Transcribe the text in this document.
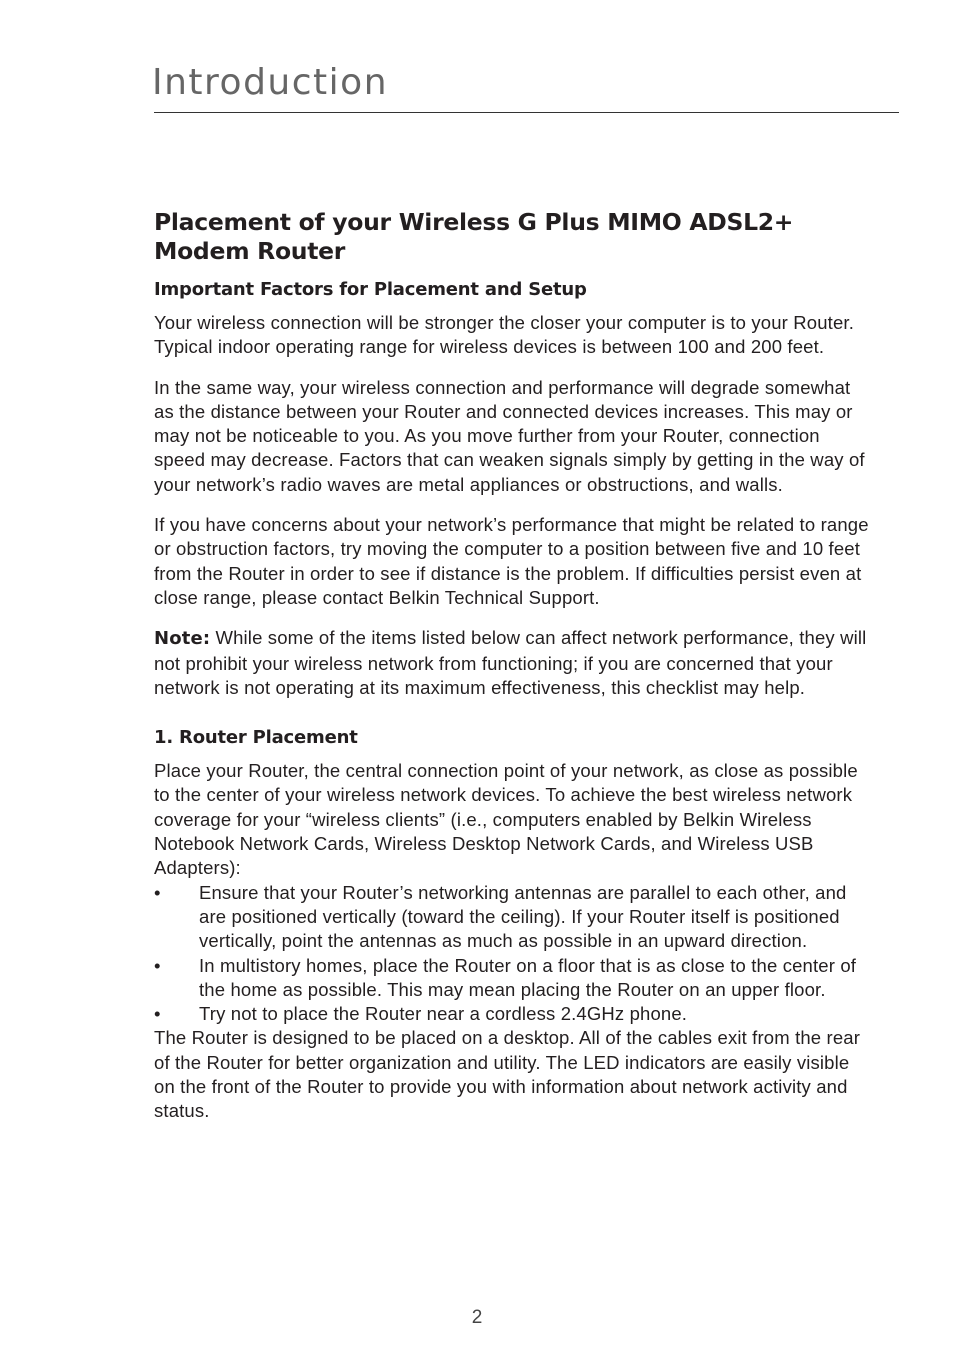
Introduction
Placement of your Wireless G Plus MIMO ADSL2+ Modem Router
Important Factors for Placement and Setup

Your wireless connection will be stronger the closer your computer is to your Router. Typical indoor operating range for wireless devices is between 100 and 200 feet.

In the same way, your wireless connection and performance will degrade somewhat as the distance between your Router and connected devices increases. This may or may not be noticeable to you. As you move further from your Router, connection speed may decrease. Factors that can weaken signals simply by getting in the way of your network’s radio waves are metal appliances or obstructions, and walls.

If you have concerns about your network’s performance that might be related to range or obstruction factors, try moving the computer to a position between five and 10 feet from the Router in order to see if distance is the problem. If difficulties persist even at close range, please contact Belkin Technical Support.

Note: While some of the items listed below can affect network performance, they will not prohibit your wireless network from functioning; if you are concerned that your network is not operating at its maximum effectiveness, this checklist may help.

1. Router Placement

Place your Router, the central connection point of your network, as close as possible to the center of your wireless network devices. To achieve the best wireless network coverage for your “wireless clients” (i.e., computers enabled by Belkin Wireless Notebook Network Cards, Wireless Desktop Network Cards, and Wireless USB Adapters):

• Ensure that your Router’s networking antennas are parallel to each other, and are positioned vertically (toward the ceiling). If your Router itself is positioned vertically, point the antennas as much as possible in an upward direction.
• In multistory homes, place the Router on a floor that is as close to the center of the home as possible. This may mean placing the Router on an upper floor.
• Try not to place the Router near a cordless 2.4GHz phone.

The Router is designed to be placed on a desktop. All of the cables exit from the rear of the Router for better organization and utility. The LED indicators are easily visible on the front of the Router to provide you with information about network activity and status.

2
